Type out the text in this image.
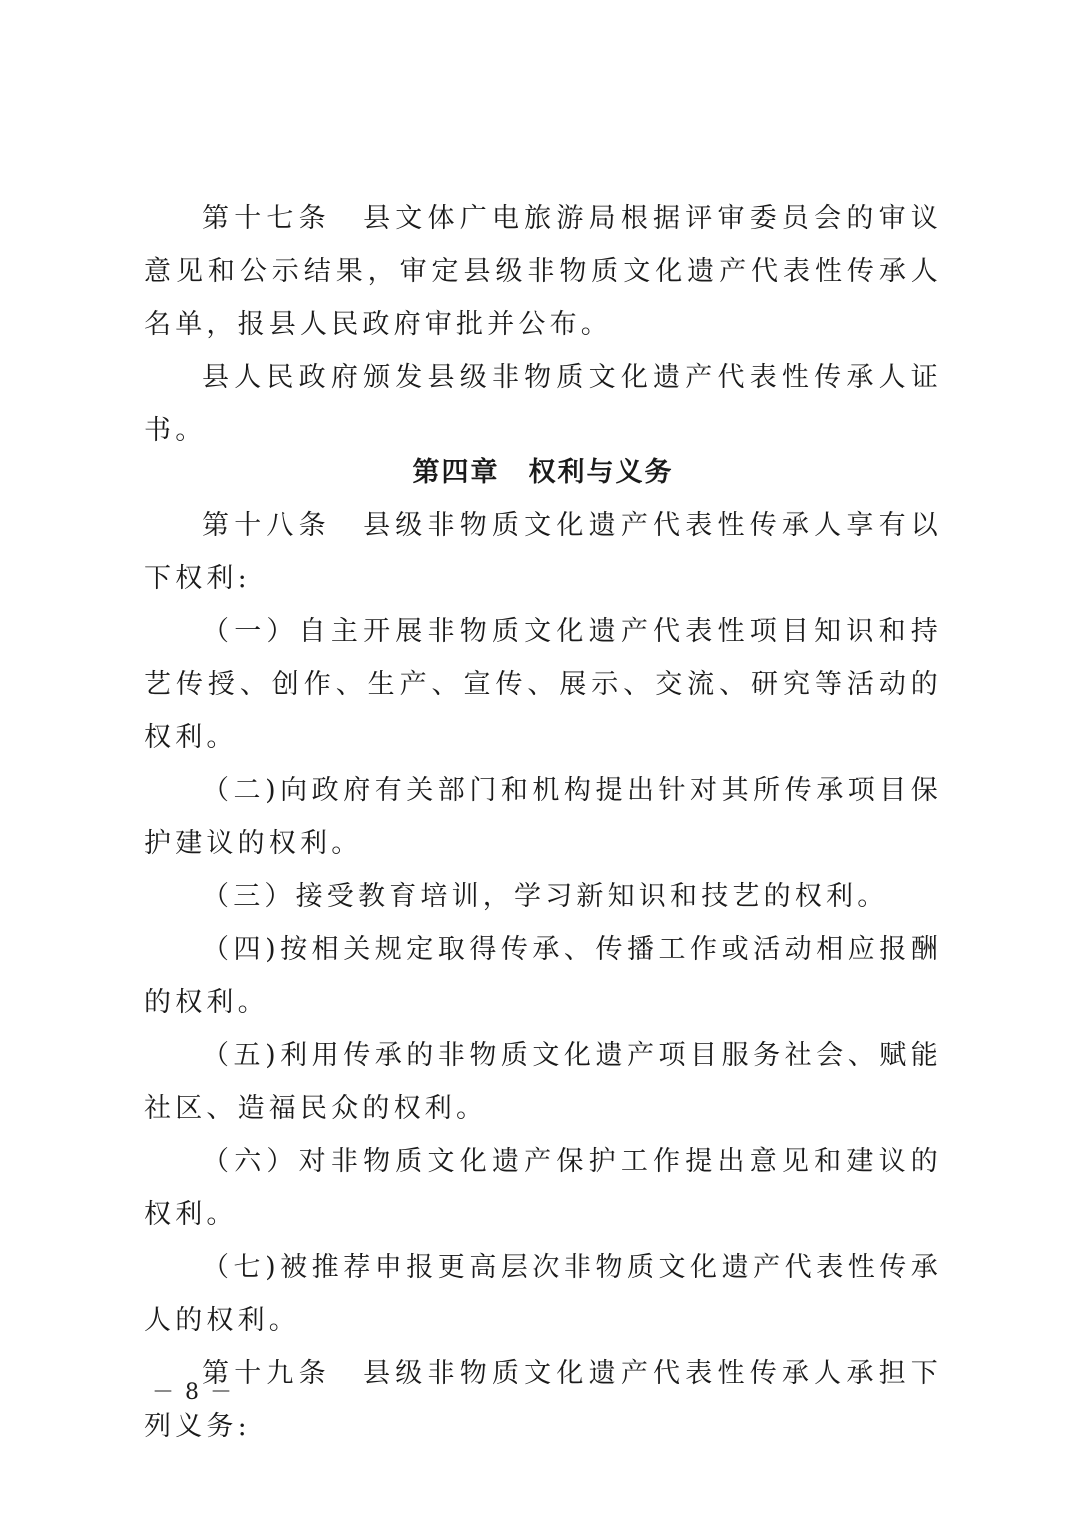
第十七条　县文体广电旅游局根据评审委员会的审议意见和公示结果，审定县级非物质文化遗产代表性传承人名单，报县人民政府审批并公布。

县人民政府颁发县级非物质文化遗产代表性传承人证书。

第四章　权利与义务

第十八条　县级非物质文化遗产代表性传承人享有以下权利:

（一）自主开展非物质文化遗产代表性项目知识和持艺传授、创作、生产、宣传、展示、交流、研究等活动的权利。

（二)向政府有关部门和机构提出针对其所传承项目保护建议的权利。

（三）接受教育培训，学习新知识和技艺的权利。

（四)按相关规定取得传承、传播工作或活动相应报酬的权利。

（五)利用传承的非物质文化遗产项目服务社会、赋能社区、造福民众的权利。

（六）对非物质文化遗产保护工作提出意见和建议的权利。

（七)被推荐申报更高层次非物质文化遗产代表性传承人的权利。

第十九条　县级非物质文化遗产代表性传承人承担下列义务:

－ 8 －
